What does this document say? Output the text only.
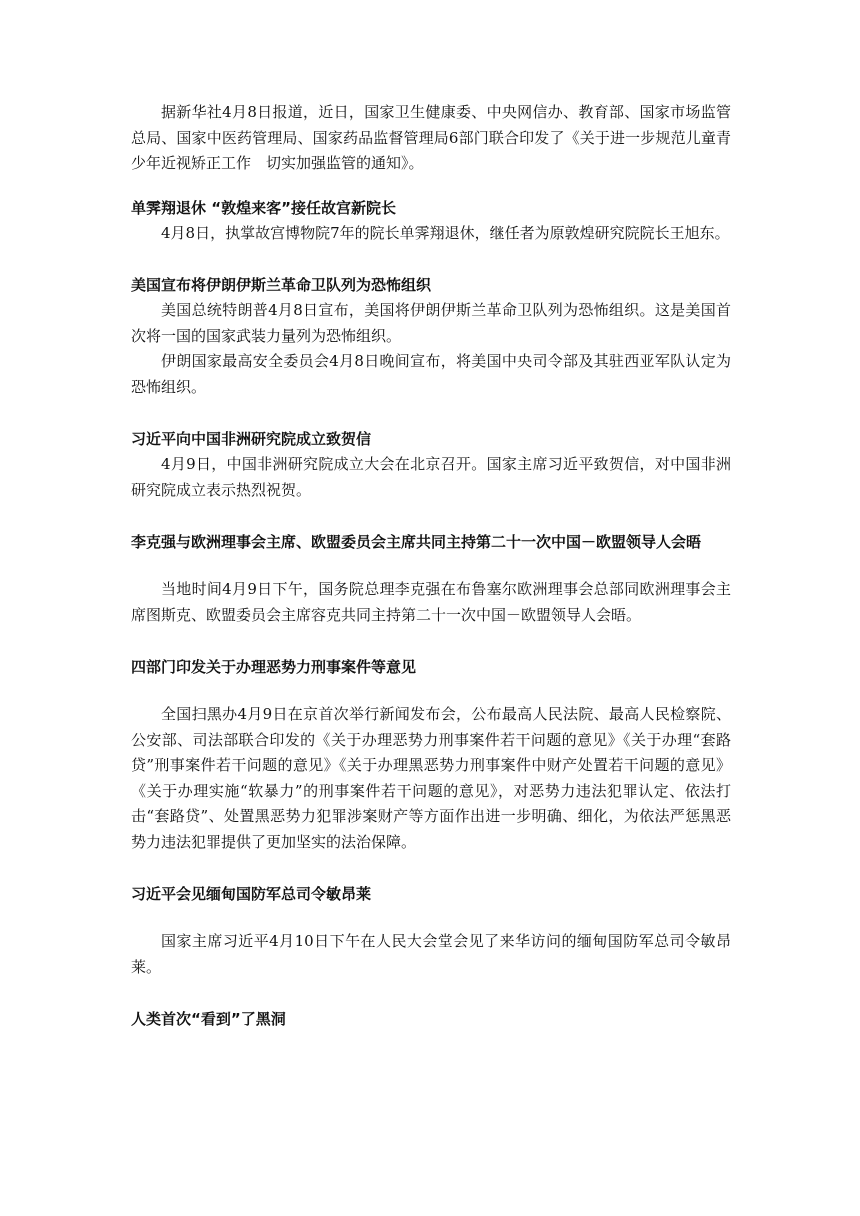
据新华社4月8日报道，近日，国家卫生健康委、中央网信办、教育部、国家市场监管总局、国家中医药管理局、国家药品监督管理局6部门联合印发了《关于进一步规范儿童青少年近视矫正工作　切实加强监管的通知》。

单霁翔退休 “敦煌来客”接任故宫新院长

4月8日，执掌故宫博物院7年的院长单霁翔退休，继任者为原敦煌研究院院长王旭东。

美国宣布将伊朗伊斯兰革命卫队列为恐怖组织

美国总统特朗普4月8日宣布，美国将伊朗伊斯兰革命卫队列为恐怖组织。这是美国首次将一国的国家武装力量列为恐怖组织。

伊朗国家最高安全委员会4月8日晚间宣布，将美国中央司令部及其驻西亚军队认定为恐怖组织。

习近平向中国非洲研究院成立致贺信

4月9日，中国非洲研究院成立大会在北京召开。国家主席习近平致贺信，对中国非洲研究院成立表示热烈祝贺。

李克强与欧洲理事会主席、欧盟委员会主席共同主持第二十一次中国－欧盟领导人会晤

当地时间4月9日下午，国务院总理李克强在布鲁塞尔欧洲理事会总部同欧洲理事会主席图斯克、欧盟委员会主席容克共同主持第二十一次中国－欧盟领导人会晤。

四部门印发关于办理恶势力刑事案件等意见

全国扫黑办4月9日在京首次举行新闻发布会，公布最高人民法院、最高人民检察院、公安部、司法部联合印发的《关于办理恶势力刑事案件若干问题的意见》《关于办理“套路贷”刑事案件若干问题的意见》《关于办理黑恶势力刑事案件中财产处置若干问题的意见》《关于办理实施“软暴力”的刑事案件若干问题的意见》，对恶势力违法犯罪认定、依法打击“套路贷”、处置黑恶势力犯罪涉案财产等方面作出进一步明确、细化，为依法严惩黑恶势力违法犯罪提供了更加坚实的法治保障。

习近平会见缅甸国防军总司令敏昂莱

国家主席习近平4月10日下午在人民大会堂会见了来华访问的缅甸国防军总司令敏昂莱。

人类首次“看到”了黑洞
